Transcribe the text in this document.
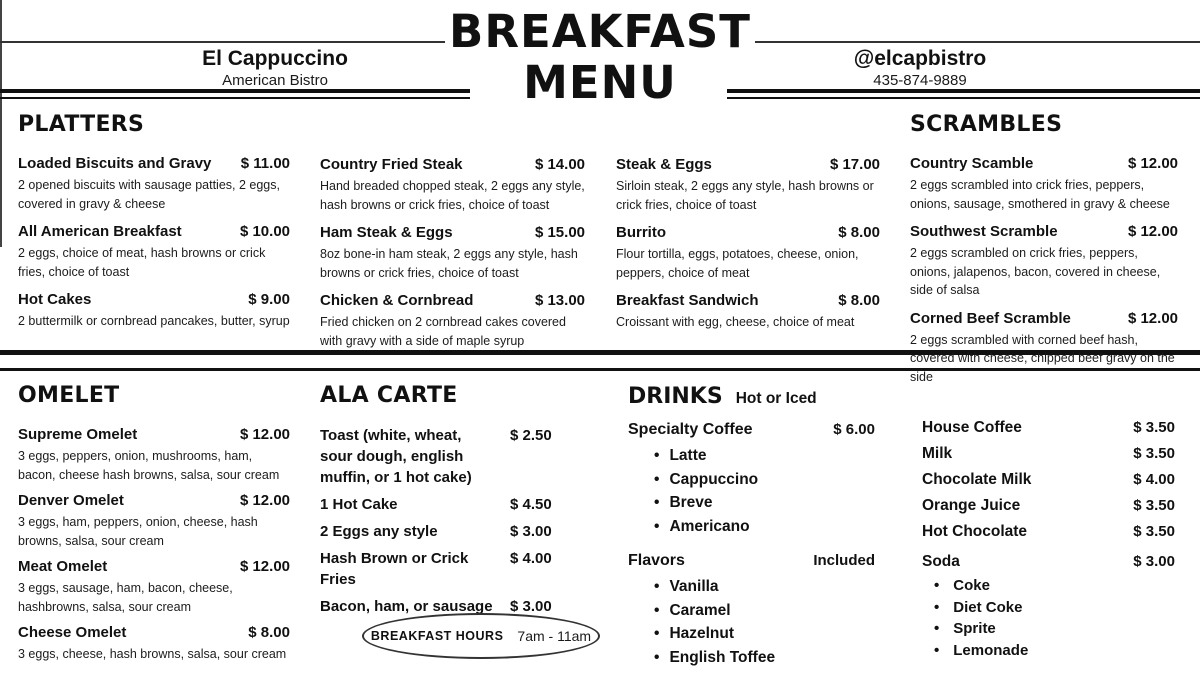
El Cappuccino
American Bistro
BREAKFAST
MENU	@elcapbistro
435-874-9889
PLATTERS
Loaded Biscuits and Gravy $ 11.00
2 opened biscuits with sausage patties, 2 eggs, covered in gravy & cheese
All American Breakfast	$ 10.00
2 eggs, choice of meat, hash browns or crick fries, choice of toast
Hot Cakes	$ 9.00
2 buttermilk or cornbread pancakes, butter, syrup
Country Fried Steak	$ 14.00
Hand breaded chopped steak, 2 eggs any style, hash browns or crick fries, choice of toast
Ham Steak & Eggs	$ 15.00
8oz bone-in ham steak, 2 eggs any style, hash browns or crick fries, choice of toast
Chicken & Cornbread	$ 13.00
Fried chicken on 2 cornbread cakes covered with gravy with a side of maple syrup
Steak & Eggs	$ 17.00
Sirloin steak, 2 eggs any style, hash browns or crick fries, choice of toast
Burrito	$ 8.00
Flour tortilla, eggs, potatoes, cheese, onion, peppers, choice of meat
Breakfast Sandwich	$ 8.00
Croissant with egg, cheese, choice of meat
SCRAMBLES
Country Scamble	$ 12.00
2 eggs scrambled into crick fries, peppers, onions, sausage, smothered in gravy & cheese
Southwest Scramble	$ 12.00
2 eggs scrambled on crick fries, peppers, onions, jalapenos, bacon, covered in cheese, side of salsa
Corned Beef Scramble	$ 12.00
2 eggs scrambled with corned beef hash, covered with cheese, chipped beef gravy on the side
OMELET
Supreme Omelet	$ 12.00
3 eggs, peppers, onion, mushrooms, ham, bacon, cheese hash browns, salsa, sour cream
Denver Omelet	$ 12.00
3 eggs, ham, peppers, onion, cheese, hash browns, salsa, sour cream
Meat Omelet	$ 12.00
3 eggs, sausage, ham, bacon, cheese, hashbrowns, salsa, sour cream
Cheese Omelet	$ 8.00
3 eggs, cheese, hash browns, salsa, sour cream
ALA CARTE
Toast (white, wheat, sour dough, english muffin, or 1 hot cake)
$ 2.50
1 Hot Cake	$ 4.50
2 Eggs any style	$ 3.00
Hash Brown or Crick Fries
$ 4.00
Bacon, ham, or sausage	$ 3.00
BREAKFAST HOURS 7am - 11am
DRINKS Hot or Iced
Specialty Coffee	$ 6.00
• Latte
• Cappuccino
• Breve
• Americano
Flavors	Included
• Vanilla
• Caramel
• Hazelnut
• English Toffee
House Coffee	$ 3.50
Milk	$ 3.50
Chocolate Milk	$ 4.00
Orange Juice	$ 3.50
Hot Chocolate	$ 3.50
Soda	$ 3.00
• Coke
• Diet Coke
• Sprite
• Lemonade
